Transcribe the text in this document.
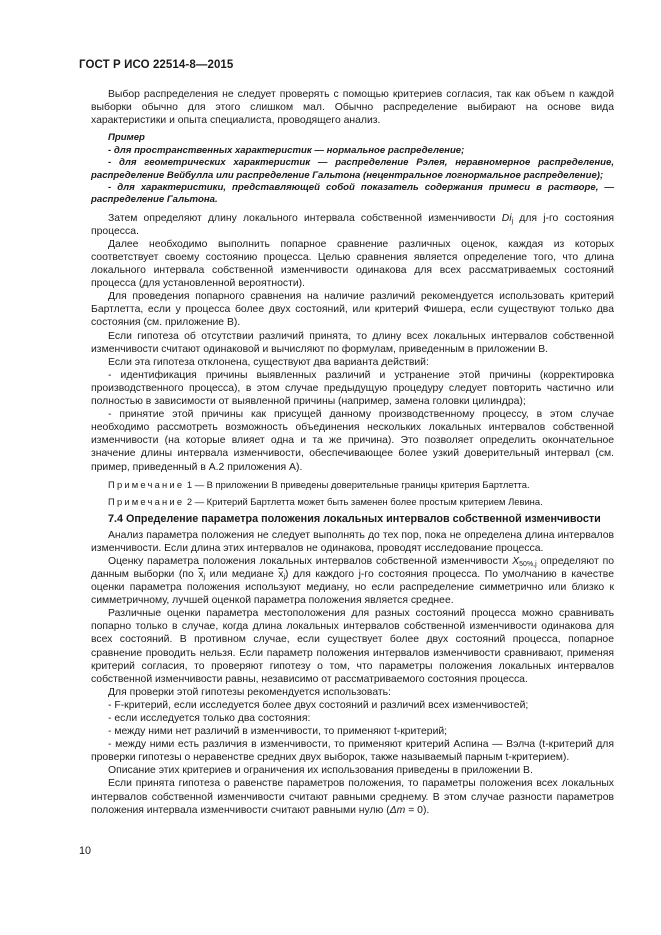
ГОСТ Р ИСО 22514-8—2015

Выбор распределения не следует проверять с помощью критериев согласия, так как объем n каждой выборки обычно для этого слишком мал. Обычно распределение выбирают на основе вида характеристики и опыта специалиста, проводящего анализ.

Пример

- для пространственных характеристик — нормальное распределение;

- для геометрических характеристик — распределение Рэлея, неравномерное распределение, распределение Вейбулла или распределение Гальтона (нецентральное логнормальное распределение);

- для характеристики, представляющей собой показатель содержания примеси в растворе, — распределение Гальтона.

Затем определяют длину локального интервала собственной изменчивости $Di_j$ для j-го состояния процесса.

Далее необходимо выполнить попарное сравнение различных оценок, каждая из которых соответствует своему состоянию процесса. Целью сравнения является определение того, что длина локального интервала собственной изменчивости одинакова для всех рассматриваемых состояний процесса (для установленной вероятности).

Для проведения попарного сравнения на наличие различий рекомендуется использовать критерий Бартлетта, если у процесса более двух состояний, или критерий Фишера, если существуют только два состояния (см. приложение В).

Если гипотеза об отсутствии различий принята, то длину всех локальных интервалов собственной изменчивости считают одинаковой и вычисляют по формулам, приведенным в приложении В.

Если эта гипотеза отклонена, существуют два варианта действий:

- идентификация причины выявленных различий и устранение этой причины (корректировка производственного процесса), в этом случае предыдущую процедуру следует повторить частично или полностью в зависимости от выявленной причины (например, замена головки цилиндра);

- принятие этой причины как присущей данному производственному процессу, в этом случае необходимо рассмотреть возможность объединения нескольких локальных интервалов собственной изменчивости (на которые влияет одна и та же причина). Это позволяет определить окончательное значение длины интервала изменчивости, обеспечивающее более узкий доверительный интервал (см. пример, приведенный в А.2 приложения А).

Примечание 1 — В приложении В приведены доверительные границы критерия Бартлетта.

Примечание 2 — Критерий Бартлетта может быть заменен более простым критерием Левина.

7.4 Определение параметра положения локальных интервалов собственной изменчивости

Анализ параметра положения не следует выполнять до тех пор, пока не определена длина интервалов изменчивости. Если длина этих интервалов не одинакова, проводят исследование процесса.

Оценку параметра положения локальных интервалов собственной изменчивости $X_{50\%,j}$ определяют по данным выборки (по $\overline{x}_j$ или медиане $\overline{x}_j$) для каждого j-го состояния процесса. По умолчанию в качестве оценки параметра положения используют медиану, но если распределение симметрично или близко к симметричному, лучшей оценкой параметра положения является среднее.

Различные оценки параметра местоположения для разных состояний процесса можно сравнивать попарно только в случае, когда длина локальных интервалов собственной изменчивости одинакова для всех состояний. В противном случае, если существует более двух состояний процесса, попарное сравнение проводить нельзя. Если параметр положения интервалов изменчивости сравнивают, применяя критерий согласия, то проверяют гипотезу о том, что параметры положения локальных интервалов собственной изменчивости равны, независимо от рассматриваемого состояния процесса.

Для проверки этой гипотезы рекомендуется использовать:

- F-критерий, если исследуется более двух состояний и различий всех изменчивостей;

- если исследуется только два состояния:

- между ними нет различий в изменчивости, то применяют t-критерий;

- между ними есть различия в изменчивости, то применяют критерий Аспина — Вэлча (t-критерий для проверки гипотезы о неравенстве средних двух выборок, также называемый парным t-критерием).

Описание этих критериев и ограничения их использования приведены в приложении В.

Если принята гипотеза о равенстве параметров положения, то параметры положения всех локальных интервалов собственной изменчивости считают равными среднему. В этом случае разности параметров положения интервала изменчивости считают равными нулю (Δm = 0).

10
